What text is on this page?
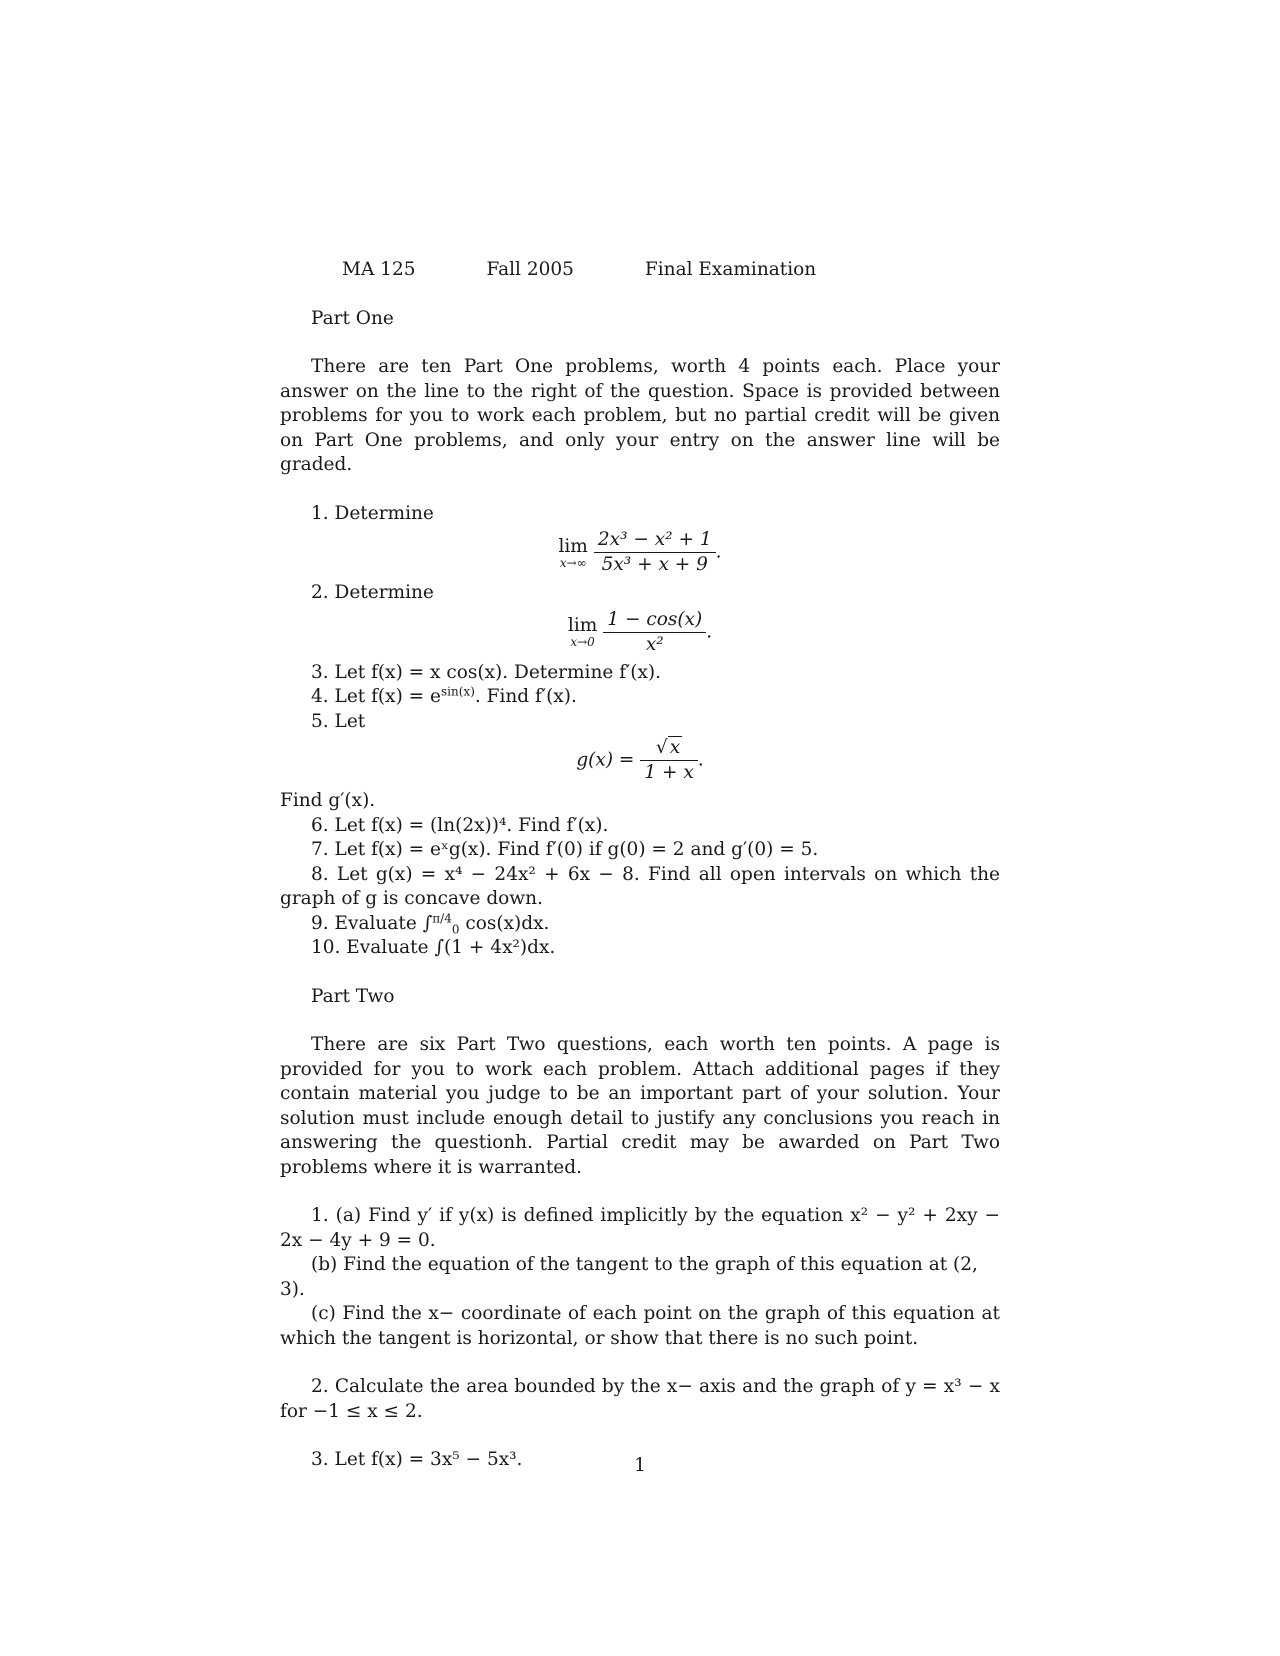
MA 125	Fall 2005	Final Examination

Part One

There are ten Part One problems, worth 4 points each. Place your answer on the line to the right of the question. Space is provided between problems for you to work each problem, but no partial credit will be given on Part One problems, and only your entry on the answer line will be graded.

1. Determine

lim
$x\to\infty \frac{\text{2x³ − x² + 1}}{\text{5x³ + x + 9}}$ .

2. Determine

lim
$x\to 0 \frac{1 - \cos(x)}{\text{x²}}$ .

3. Let f(x) = x cos(x). Determine f′(x).

4. Let $f(x) = e^{sin(x)}$. Find f′(x).

5. Let

$g(x) = \frac{√ x}{1 + x}$ .

Find g′(x).

6. Let f(x) = (ln(2x))⁴. Find f′(x).

7. Let f(x) = eˣg(x). Find f′(0) if g(0) = 2 and g′(0) = 5.

8. Let g(x) = x⁴ − 24x² + 6x − 8. Find all open intervals on which the graph of g is concave down.

9. Evaluate ∫$^{\pi/4}_0$ cos(x)dx.

10. Evaluate ∫(1 + 4x²)dx.

Part Two

There are six Part Two questions, each worth ten points. A page is provided for you to work each problem. Attach additional pages if they contain material you judge to be an important part of your solution. Your solution must include enough detail to justify any conclusions you reach in answering the questionh. Partial credit may be awarded on Part Two problems where it is warranted.

1. (a) Find y′ if y(x) is defined implicitly by the equation x² − y² + 2xy − 2x − 4y + 9 = 0.

(b) Find the equation of the tangent to the graph of this equation at (2, 3).

(c) Find the x− coordinate of each point on the graph of this equation at which the tangent is horizontal, or show that there is no such point.

2. Calculate the area bounded by the x− axis and the graph of y = x³ − x for −1 ≤ x ≤ 2.

3. Let f(x) = 3x⁵ − 5x³.	1
